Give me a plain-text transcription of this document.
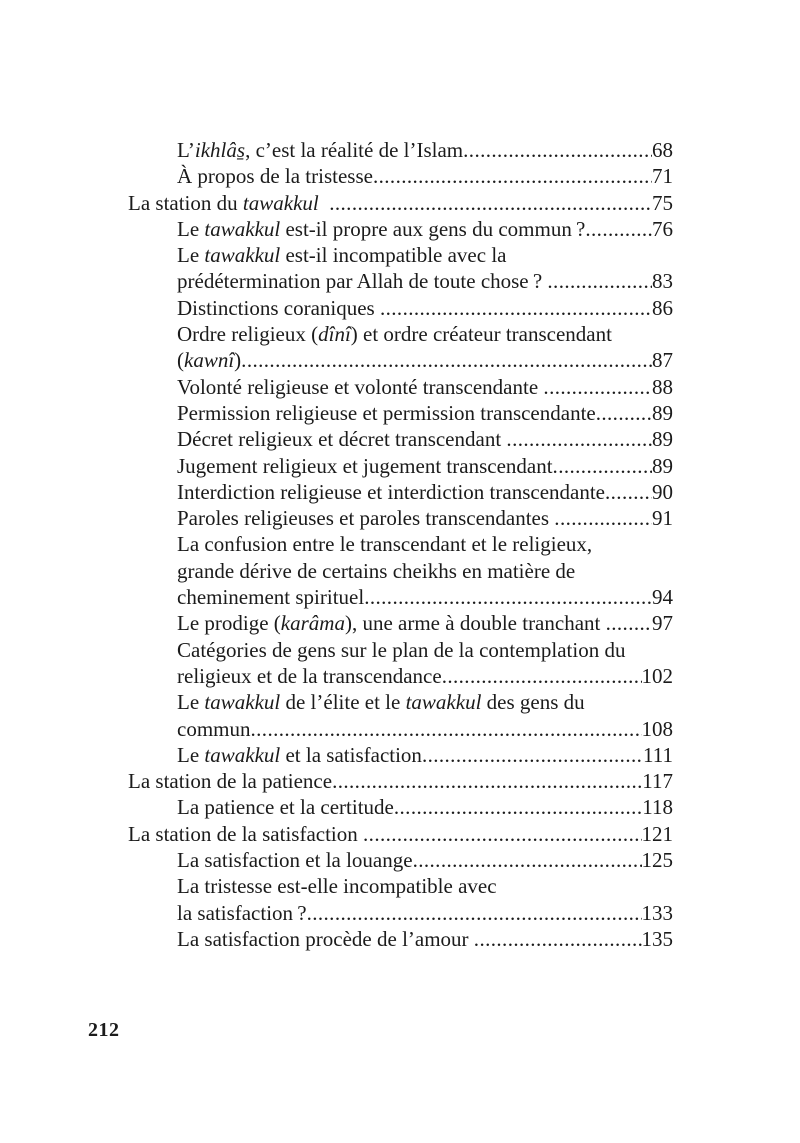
L’ikhlâs̱, c’est la réalité de l’Islam .....	68
À propos de la tristesse .....	71
La station du tawakkul .....	75
Le tawakkul est-il propre aux gens du commun ? .....	76
Le tawakkul est-il incompatible avec la
prédétermination par Allah de toute chose ? .....	83
Distinctions coraniques .....	86
Ordre religieux (dînî) et ordre créateur transcendant
(kawnî) .....	87
Volonté religieuse et volonté transcendante .....	88
Permission religieuse et permission transcendante .....	89
Décret religieux et décret transcendant .....	89
Jugement religieux et jugement transcendant .....	89
Interdiction religieuse et interdiction transcendante ..... 90
Paroles religieuses et paroles transcendantes .....	91
La confusion entre le transcendant et le religieux,
grande dérive de certains cheikhs en matière de
cheminement spirituel .....	94
Le prodige (karâma), une arme à double tranchant ..... 97
Catégories de gens sur le plan de la contemplation du
religieux et de la transcendance .....	102
Le tawakkul de l’élite et le tawakkul des gens du
commun .....	108
Le tawakkul et la satisfaction .....	111
La station de la patience .....	117
La patience et la certitude .....	118
La station de la satisfaction .....	121
La satisfaction et la louange .....	125
La tristesse est-elle incompatible avec
la satisfaction ? .....	133
La satisfaction procède de l’amour .....	135
212
